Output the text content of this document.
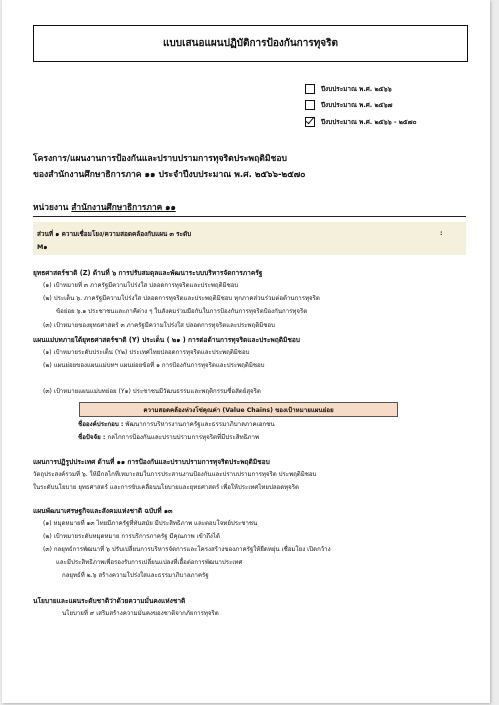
แบบเสนอแผนปฏิบัติการป้องกันการทุจริต
ปีงบประมาณ พ.ศ. ๒๕๖๖
ปีงบประมาณ พ.ศ. ๒๕๖๗
ปีงบประมาณ พ.ศ. ๒๕๖๖ - ๒๕๗๐
โครงการ/แผนงานการป้องกันและปราบปรามการทุจริตประพฤติมิชอบ
ของสำนักงานศึกษาธิการภาค ๑๑ ประจำปีงบประมาณ พ.ศ. ๒๕๖๖-๒๕๗๐
หน่วยงาน สำนักงานศึกษาธิการภาค ๑๑
ส่วนที่ ๑ ความเชื่อมโยง/ความสอดคล้องกับแผน ๓ ระดับ
M๑
:
ยุทธศาสตร์ชาติ (Z) ด้านที่ ๖ การปรับสมดุลและพัฒนาระบบบริหารจัดการภาครัฐ
(๑) เป้าหมายที่ ๓ ภาครัฐมีความโปร่งใส ปลอดการทุจริตและประพฤติมิชอบ
(๒) ประเด็น ๖. ภาครัฐมีความโปร่งใส ปลอดการทุจริตและประพฤติมิชอบ ทุกภาคส่วนร่วมต่อต้านการทุจริต
ข้อย่อย ๖.๑ ประชาชนและภาคีต่าง ๆ ในสังคมร่วมมือกันในการป้องกันการทุจริตป้องกันการทุจริต
(๓) เป้าหมายของยุทธศาสตร์ ๓ ภาครัฐมีความโปร่งใส ปลอดการทุจริตและประพฤติมิชอบ
แผนแม่บทภายใต้ยุทธศาสตร์ชาติ (Y) ประเด็น ( ๒๑ ) การต่อต้านการทุจริตและประพฤติมิชอบ
(๑) เป้าหมายระดับประเด็น (Y๒) ประเทศไทยปลอดการทุจริตและประพฤติมิชอบ
(๒) แผนย่อยของแผนแม่บทฯ แผนย่อยข้อที่ ๑ การป้องกันการทุจริตและประพฤติมิชอบ
ความสอดคล้องห่วงโซ่คุณค่า (Value Chains) ของเป้าหมายแผนย่อย
(๓) เป้าหมายแผนแม่บทย่อย (Y๑) ประชาชนมีวัฒนธรรมและพฤติกรรมซื่อสัตย์สุจริต
ชื่อองค์ประกอบ : พัฒนาการบริหารงานภาครัฐและธรรมาภิบาลภาคเอกชน
ชื่อปัจจัย : กลไกการป้องกันและปราบปรามการทุจริตที่มีประสิทธิภาพ
แผนการปฏิรูปประเทศ ด้านที่ ๑๑ การป้องกันและปราบปรามการทุจริตประพฤติมิชอบ
วัตถุประสงค์รวมที่ ๖. ให้มีกลไกที่เหมาะสมในการประสานงานป้องกันและปราบปรามการทุจริต ประพฤติมิชอบ
ในระดับนโยบาย ยุทธศาสตร์ และการขับเคลื่อนนโยบายและยุทธศาสตร์ เพื่อให้ประเทศไทยปลอดทุจริต
แผนพัฒนาเศรษฐกิจและสังคมแห่งชาติ ฉบับที่ ๑๓
(๑) หมุดหมายที่ ๑๓ ไทยมีภาครัฐที่ทันสมัย มีประสิทธิภาพ และตอบโจทย์ประชาชน
(๒) เป้าหมายระดับหมุดหมาย การบริการภาครัฐ มีคุณภาพ เข้าถึงได้
(๓) กลยุทธ์การพัฒนาที่ ๖ ปรับเปลี่ยนการบริหารจัดการและโครงสร้างของภาครัฐให้ยืดหยุ่น เชื่อมโยง เปิดกว้าง
และมีประสิทธิภาพเพื่อรองรับการเปลี่ยนแปลงที่เอื้อต่อการพัฒนาประเทศ
กลยุทธ์ที่ ๒.๖ สร้างความโปร่งใสและธรรมาภิบาลภาครัฐ
นโยบายและแผนระดับชาติว่าด้วยความมั่นคงแห่งชาติ
นโยบายที่ ๙ เสริมสร้างความมั่นคงของชาติจากภัยการทุจริต
